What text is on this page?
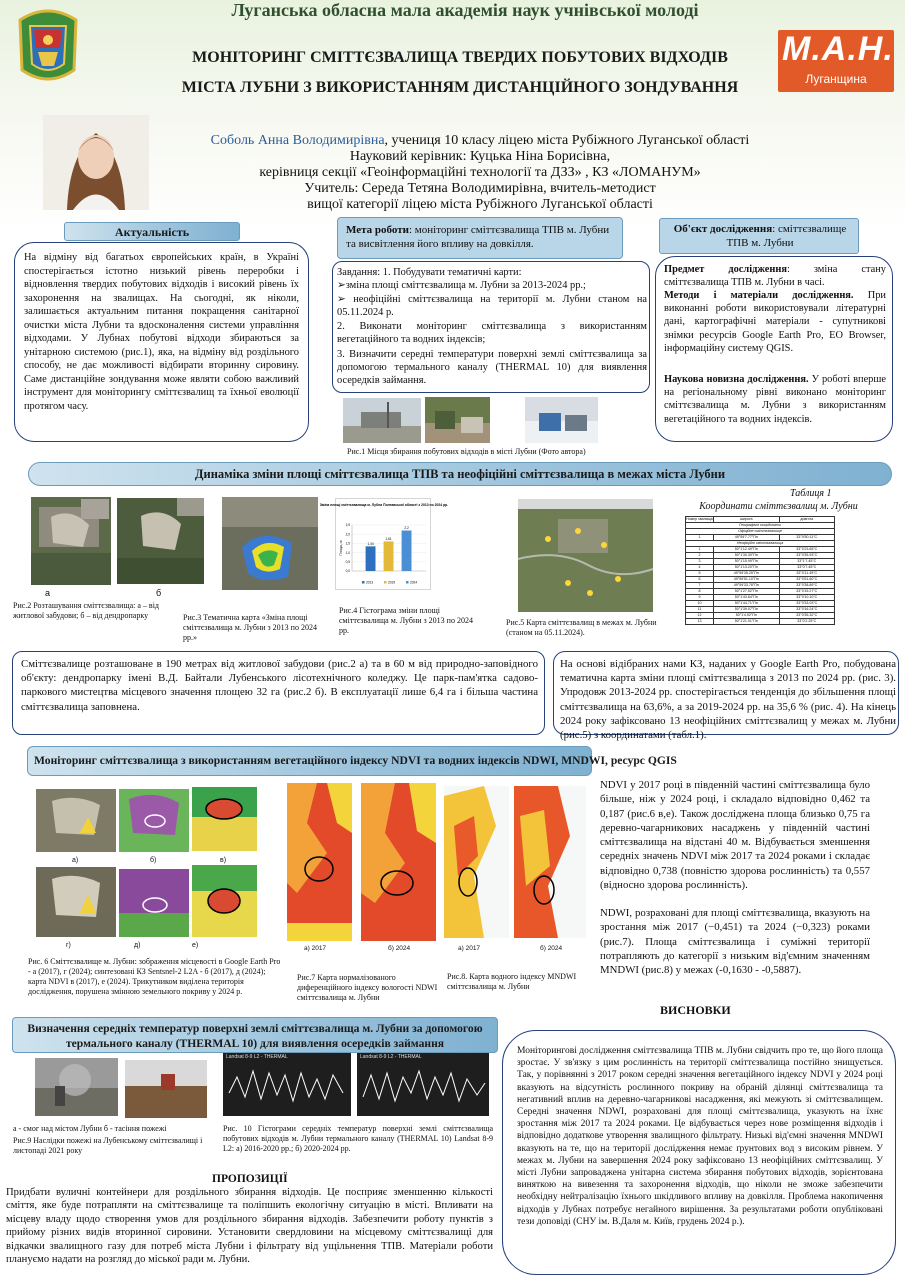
Луганська обласна мала академія наук учнівської молоді
МОНІТОРИНГ СМІТТЄЗВАЛИЩА ТВЕРДИХ ПОБУТОВИХ ВІДХОДІВ
МІСТА ЛУБНИ З ВИКОРИСТАННЯМ ДИСТАНЦІЙНОГО ЗОНДУВАННЯ
М.А.Н.
Луганщина
Соболь Анна Володимирівна, учениця 10 класу ліцею міста Рубіжного Луганської області
Науковий керівник: Куцька Ніна Борисівна,
керівниця секції «Геоінформаційні технології та ДЗЗ» , КЗ «ЛОМАНУМ»
Учитель: Середа Тетяна Володимирівна, вчитель-методист
вищої категорії ліцею міста Рубіжного Луганської області
Актуальність
На відміну від багатьох європейських країн, в Україні спостерігається істотно низький рівень переробки і відновлення твердих побутових відходів і високий рівень їх захоронення на звалищах. На сьогодні, як ніколи, залишається актуальним питання покращення санітарної очистки міста Лубни та вдосконалення системи управління відходами. У Лубнах побутові відходи збираються за унітарною системою (рис.1), яка, на відміну від роздільного способу, не дає можливості відбирати вторинну сировину. Саме дистанційне зондування може являти собою важливий інструмент для моніторингу сміттєзвалищ та їхньої еволюції протягом часу.
Мета роботи: моніторинг сміттєзвалища ТПВ м. Лубни та висвітлення його впливу на довкілля.
Завдання: 1. Побудувати тематичні карти:
➢зміна площі сміттєзвалища м. Лубни за 2013-2024 рр.;
➢ неофіційні сміттєзвалища на території м. Лубни станом на 05.11.2024 р.
2. Виконати моніторинг сміттєзвалища з використанням вегетаційного та водних індексів;
3. Визначити середні температури поверхні землі сміттєзвалища за допомогою термального каналу (THERMAL 10) для виявлення осередків займання.
Рис.1 Місця збирання побутових відходів в місті Лубни (Фото автора)
Об'єкт дослідження: сміттєзвалище ТПВ м. Лубни
Предмет дослідження: зміна стану сміттєзвалища ТПВ м. Лубни в часі.
Методи і матеріали дослідження. При виконанні роботи використовували літературні дані, картографічні матеріали - супутникові знімки ресурсів Google Earth Pro, EO Browser, інформаційну систему QGIS.
Наукова новизна дослідження. У роботі вперше на регіональному рівні виконано моніторинг сміттєзвалища м. Лубни з використанням вегетаційного та водних індексів.
Динаміка зміни площі сміттєзвалища ТПВ та неофіційні сміттєзвалища в межах міста Лубни
а	б
Рис.2 Розташування сміттєзвалища: а – від житлової забудови; б – від дендропарку	Рис.3 Тематична карта «Зміна площі сміттєзвалища м. Лубни з 2013 по 2024 рр.»
Зміна площі сміттєзвалища м. Лубни Полтавської області з 2013 по 2024 рр.
0,0
0,5
1,0
1,5
2,0
2,5
Площа, га	1,34
2013
1,61
2019
2,2
2024
Рис.4 Гістограма зміни площі сміттєзвалища м. Лубни з 2013 по 2024 рр.
Рис.5 Карта сміттєзвалищ в межах м. Лубни (станом на 05.11.2024).
Таблиця 1
Координати сміттєзвалищ м. Лубни
Номер звалища	широта	довгота
Географічні координати		
Офіційне сміттєзвалище		
1	49°59'7.77"Пн	33°0'50.11"С
Неофіційні сміттєзвалища		
1	50°1'12.49"Пн	33°0'23.65"С
2	50°1'30.39"Пн	33°0'35.93"С
3	50°1'15.99"Пн	33°1'7.45"С
4	50°1'13.20"Пн	33°0'7.45"С
5	49°59'35.25"Пн	33°0'11.49"С
6	49°59'51.10"Пн	33°0'51.60"С
7	49°59'33.78"Пн	33°0'38.89"С
8	50°1'27.52"Пн	33°0'15.27"С
9	50°1'43.64"Пн	33°0'10.10"С
10	50°1'44.71"Пн	33°0'33.03"С
11	50°1'39.07"Пн	33°0'16.24"С
12	50°1'4.92"Пн	33°0'35.32"С
13	50°1'21.91"Пн	33°0'2.25"С
Сміттєзвалище розташоване в 190 метрах від житлової забудови (рис.2 а) та в 60 м від природно-заповідного об'єкту: дендропарку імені В.Д. Байтали Лубенського лісотехнічного коледжу. Це парк-пам'ятка садово-паркового мистецтва місцевого значення площею 32 га (рис.2 б). В експлуатації лише 6,4 га і більша частина сміттєзвалища заповнена.
На основі відібраних нами КЗ, наданих у Google Earth Pro, побудована тематична карта зміни площі сміттєзвалища з 2013 по 2024 рр. (рис. 3). Упродовж 2013-2024 рр. спостерігається тенденція до збільшення площі сміттєзвалища на 63,6%, а за 2019-2024 рр. на 35,6 % (рис. 4). На кінець 2024 року зафіксовано 13 неофіційних сміттєзвалищ у межах м. Лубни (рис.5) з координатами (табл.1).
Моніторинг сміттєзвалища з використанням вегетаційного індексу NDVI та водних індексів NDWI, MNDWI, ресурс QGIS
а)	б)	в)
г)	д)	е)
Рис. 6 Сміттєзвалище м. Лубни: зображення місцевості в Google Earth Pro - а (2017), г (2024); синтезовані КЗ Sentsnel-2 L2A - б (2017), д (2024); карта NDVI в (2017), е (2024). Трикутником виділена територія дослідження, порушена змінною земельного покриву у 2024 р.
а) 2017	б) 2024
Рис.7 Карта нормалізованого диференційного індексу вологості NDWI сміттєзвалища м. Лубни
а) 2017	б) 2024
Рис.8. Карта водного індексу MNDWI сміттєзвалища м. Лубни
NDVI у 2017 році в південній частині сміттєзвалища було більше, ніж у 2024 році, і складало відповідно 0,462 та 0,187 (рис.6 в,е). Також досліджена площа близько 0,75 га деревно-чагарникових насаджень у південній частині сміттєзвалища на відстані 40 м. Відбувається зменшення середніх значень NDVI між 2017 та 2024 роками і складає відповідно 0,738 (повністю здорова рослинність) та 0,557 (відносно здорова рослинність).
NDWI, розраховані для площі сміттєзвалища, вказують на зростання між 2017 (−0,451) та 2024 (−0,323) роками (рис.7). Площа сміттєзвалища і суміжні території потрапляють до категорії з низьким від'ємним значенням MNDWI (рис.8) у межах (-0,1630 - -0,5887).
Визначення середніх температур поверхні землі сміттєзвалища м. Лубни за допомогою термального каналу (THERMAL 10) для виявлення осередків займання
а - смог над містом Лубни б - тасіння пожежі
Рис.9 Наслідки пожежі на Лубенському сміттєзвалищі і листопаді 2021 року
Landsat 8-9 L2 - THERMAL	Landsat 8-9 L2 - THERMAL
Рис. 10 Гістограми середніх температур поверхні землі сміттєзвалища побутових відходів м. Лубни термального каналу (THERMAL 10) Landsat 8-9 L2: а) 2016-2020 рр.; б) 2020-2024 рр.
ПРОПОЗИЦІЇ
Придбати вуличні контейнери для роздільного збирання відходів. Це посприяє зменшенню кількості сміття, яке буде потрапляти на сміттєзвалище та поліпшить екологічну ситуацію в місті. Впливати на місцеву владу щодо створення умов для роздільного збирання відходів. Забезпечити роботу пунктів з прийому різних видів вторинної сировини. Установити свердловини на місцевому сміттєзвалищі для відкачки звалищного газу для потреб міста Лубни і фільтрату від ущільнення ТПВ. Матеріали роботи плануємо надати на розгляд до міської ради м. Лубни.
ВИСНОВКИ
Моніторингові дослідження сміттєзвалища ТПВ м. Лубни свідчить про те, що його площа зростає. У зв'язку з цим рослинність на території сміттєзвалища постійно знищується. Так, у порівнянні з 2017 роком середні значення вегетаційного індексу NDVI у 2024 році вказують на відсутність рослинного покриву на обраній ділянці сміттєзвалища та негативний вплив на деревно-чагарникові насадження, які межують зі сміттєзвалищем. Середні значення NDWI, розраховані для площі сміттєзвалища, указують на їхнє зростання між 2017 та 2024 роками. Це відбувається через нове розміщення відходів і відповідно додаткове утворення звалищного фільтрату. Низькі від'ємні значення MNDWI вказують на те, що на території дослідження немає ґрунтових вод з високим рівнем. У межах м. Лубни на завершення 2024 року зафіксовано 13 неофіційних сміттєзвалищ. У місті Лубни запроваджена унітарна система збирання побутових відходів, зорієнтована виняткою на вивезення та захоронення відходів, що ніколи не зможе забезпечити необхідну нейтралізацію їхнього шкідливого впливу на довкілля. Проблема накопичення відходів у Лубнах потребує негайного вирішення. За результатами роботи опубліковані тези доповіді (СНУ ім. В.Даля м. Київ, грудень 2024 р.).
